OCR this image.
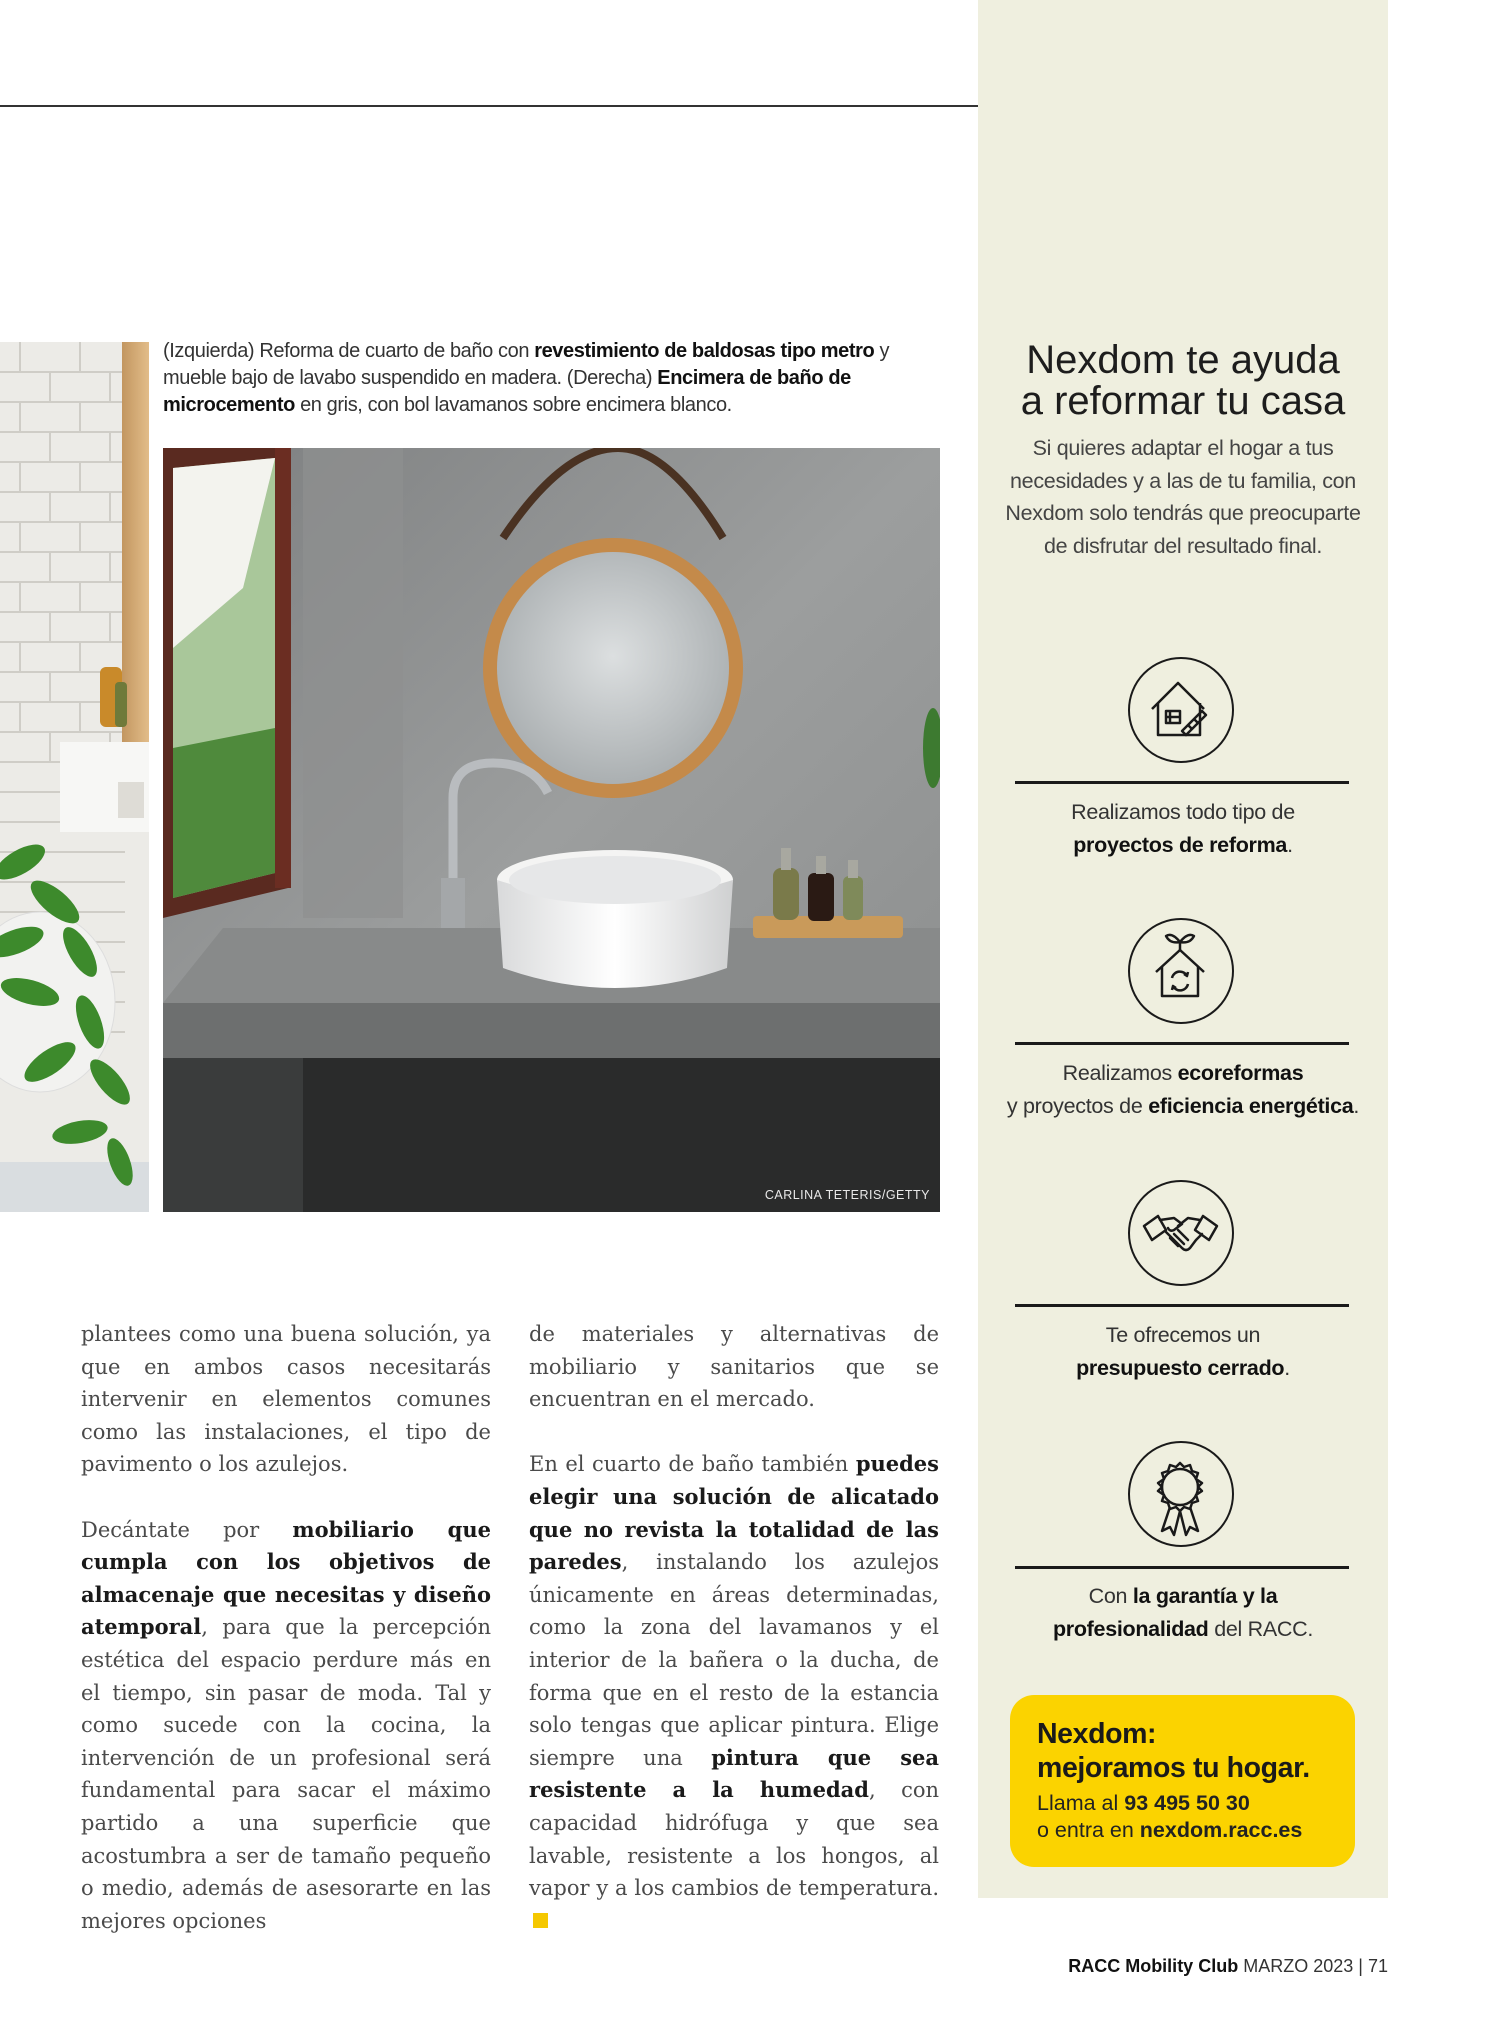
(Izquierda) Reforma de cuarto de baño con revestimiento de baldosas tipo metro y mueble bajo de lavabo suspendido en madera. (Derecha) Encimera de baño de microcemento en gris, con bol lavamanos sobre encimera blanco.
CARLINA TETERIS/GETTY

plantees como una buena solución, ya que en ambos casos necesitarás intervenir en elementos comunes como las instalaciones, el tipo de pavimento o los azulejos.

Decántate por mobiliario que cumpla con los objetivos de almacenaje que necesitas y diseño atemporal, para que la percepción estética del espacio perdure más en el tiempo, sin pasar de moda. Tal y como sucede con la cocina, la intervención de un profesional será fundamental para sacar el máximo partido a una superficie que acostumbra a ser de tamaño pequeño o medio, además de asesorarte en las mejores opciones

de materiales y alternativas de mobiliario y sanitarios que se encuentran en el mercado.

En el cuarto de baño también puedes elegir una solución de alicatado que no revista la totalidad de las paredes, instalando los azulejos únicamente en áreas determinadas, como la zona del lavamanos y el interior de la bañera o la ducha, de forma que en el resto de la estancia solo tengas que aplicar pintura. Elige siempre una pintura que sea resistente a la humedad, con capacidad hidrófuga y que sea lavable, resistente a los hongos, al vapor y a los cambios de temperatura.

Nexdom te ayuda
a reformar tu casa
Si quieres adaptar el hogar a tus necesidades y a las de tu familia, con Nexdom solo tendrás que preocuparte de disfrutar del resultado final.
Realizamos todo tipo de
proyectos de reforma.
Realizamos ecoreformas
y proyectos de eficiencia energética.
Te ofrecemos un
presupuesto cerrado.
Con la garantía y la
profesionalidad del RACC.
Nexdom:
mejoramos tu hogar.
Llama al 93 495 50 30
o entra en nexdom.racc.es
RACC Mobility Club MARZO 2023 | 71
